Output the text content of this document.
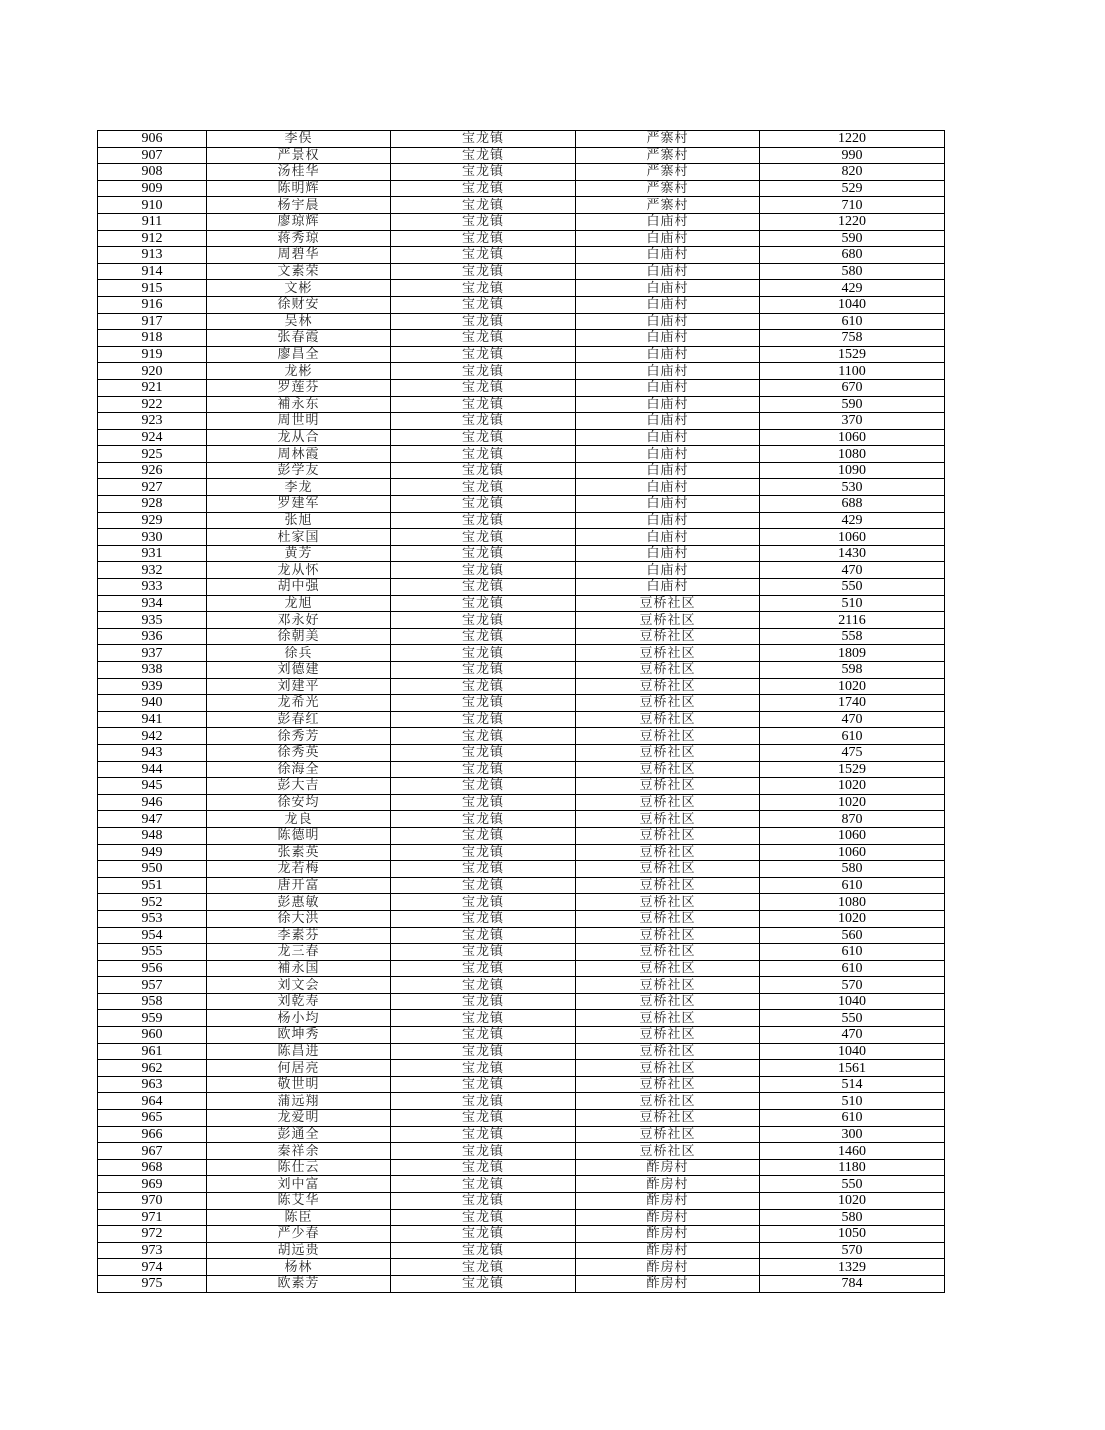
906	李俣	宝龙镇	严寨村	1220
907	严景权	宝龙镇	严寨村	990
908	汤桂华	宝龙镇	严寨村	820
909	陈明辉	宝龙镇	严寨村	529
910	杨宇晨	宝龙镇	严寨村	710
911	廖琼辉	宝龙镇	白庙村	1220
912	蒋秀琼	宝龙镇	白庙村	590
913	周碧华	宝龙镇	白庙村	680
914	文素荣	宝龙镇	白庙村	580
915	文彬	宝龙镇	白庙村	429
916	徐财安	宝龙镇	白庙村	1040
917	吴林	宝龙镇	白庙村	610
918	张春霞	宝龙镇	白庙村	758
919	廖昌全	宝龙镇	白庙村	1529
920	龙彬	宝龙镇	白庙村	1100
921	罗莲芬	宝龙镇	白庙村	670
922	補永东	宝龙镇	白庙村	590
923	周世明	宝龙镇	白庙村	370
924	龙从合	宝龙镇	白庙村	1060
925	周林霞	宝龙镇	白庙村	1080
926	彭学友	宝龙镇	白庙村	1090
927	李龙	宝龙镇	白庙村	530
928	罗建军	宝龙镇	白庙村	688
929	张旭	宝龙镇	白庙村	429
930	杜家国	宝龙镇	白庙村	1060
931	黄芳	宝龙镇	白庙村	1430
932	龙从怀	宝龙镇	白庙村	470
933	胡中强	宝龙镇	白庙村	550
934	龙旭	宝龙镇	豆桥社区	510
935	邓永好	宝龙镇	豆桥社区	2116
936	徐朝美	宝龙镇	豆桥社区	558
937	徐兵	宝龙镇	豆桥社区	1809
938	刘德建	宝龙镇	豆桥社区	598
939	刘建平	宝龙镇	豆桥社区	1020
940	龙希光	宝龙镇	豆桥社区	1740
941	彭春红	宝龙镇	豆桥社区	470
942	徐秀芳	宝龙镇	豆桥社区	610
943	徐秀英	宝龙镇	豆桥社区	475
944	徐海全	宝龙镇	豆桥社区	1529
945	彭大吉	宝龙镇	豆桥社区	1020
946	徐安均	宝龙镇	豆桥社区	1020
947	龙良	宝龙镇	豆桥社区	870
948	陈德明	宝龙镇	豆桥社区	1060
949	张素英	宝龙镇	豆桥社区	1060
950	龙若梅	宝龙镇	豆桥社区	580
951	唐开富	宝龙镇	豆桥社区	610
952	彭惠敏	宝龙镇	豆桥社区	1080
953	徐大洪	宝龙镇	豆桥社区	1020
954	李素芬	宝龙镇	豆桥社区	560
955	龙三春	宝龙镇	豆桥社区	610
956	補永国	宝龙镇	豆桥社区	610
957	刘文会	宝龙镇	豆桥社区	570
958	刘乾寿	宝龙镇	豆桥社区	1040
959	杨小均	宝龙镇	豆桥社区	550
960	欧坤秀	宝龙镇	豆桥社区	470
961	陈昌进	宝龙镇	豆桥社区	1040
962	何居亮	宝龙镇	豆桥社区	1561
963	敬世明	宝龙镇	豆桥社区	514
964	蒲远翔	宝龙镇	豆桥社区	510
965	龙爱明	宝龙镇	豆桥社区	610
966	彭通全	宝龙镇	豆桥社区	300
967	秦祥余	宝龙镇	豆桥社区	1460
968	陈仕云	宝龙镇	酢房村	1180
969	刘中富	宝龙镇	酢房村	550
970	陈艾华	宝龙镇	酢房村	1020
971	陈臣	宝龙镇	酢房村	580
972	严少春	宝龙镇	酢房村	1050
973	胡远贵	宝龙镇	酢房村	570
974	杨林	宝龙镇	酢房村	1329
975	欧素芳	宝龙镇	酢房村	784
